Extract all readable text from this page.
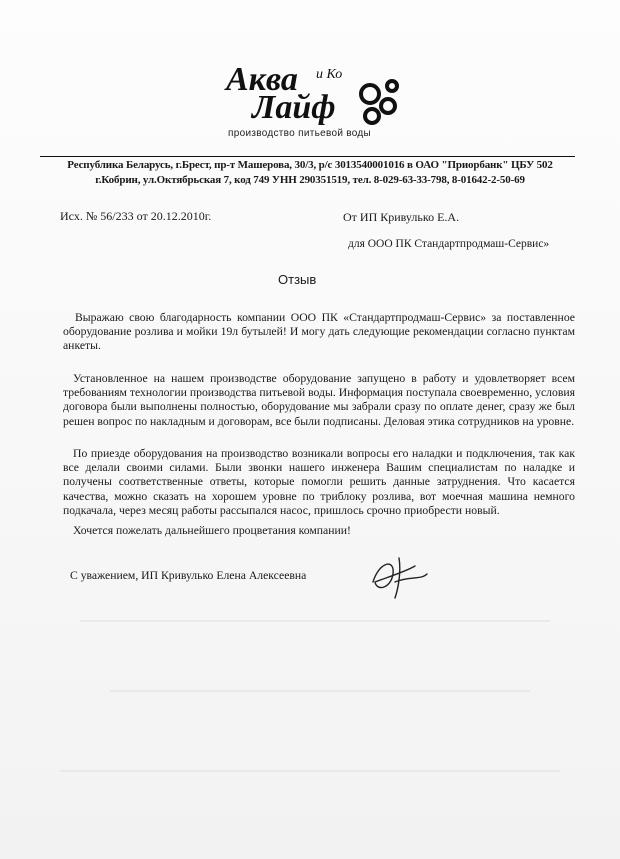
Аква и Ко
Лайф
производство питьевой воды
Республика Беларусь, г.Брест, пр-т Машерова, 30/3, р/с 3013540001016 в ОАО "Приорбанк" ЦБУ 502
г.Кобрин, ул.Октябрьская 7, код 749 УНН 290351519, тел. 8-029-63-33-798, 8-01642-2-50-69
Исх. № 56/233 от 20.12.2010г.	От ИП Кривулько Е.А.
для ООО ПК Стандартпродмаш-Сервис»
Отзыв
Выражаю свою благодарность компании ООО ПК «Стандартпродмаш-Сервис» за поставленное оборудование розлива и мойки 19л бутылей! И могу дать следующие рекомендации согласно пунктам анкеты.
Установленное на нашем производстве оборудование запущено в работу и удовлетворяет всем требованиям технологии производства питьевой воды. Информация поступала своевременно, условия договора были выполнены полностью, оборудование мы забрали сразу по оплате денег, сразу же был решен вопрос по накладным и договорам, все были подписаны. Деловая этика сотрудников на уровне.
По приезде оборудования на производство возникали вопросы его наладки и подключения, так как все делали своими силами. Были звонки нашего инженера Вашим специалистам по наладке и получены соответственные ответы, которые помогли решить данные затруднения. Что касается качества, можно сказать на хорошем уровне по триблоку розлива, вот моечная машина немного подкачала, через месяц работы рассыпался насос, пришлось срочно приобрести новый.
Хочется пожелать дальнейшего процветания компании!
С уважением, ИП Кривулько Елена Алексеевна
